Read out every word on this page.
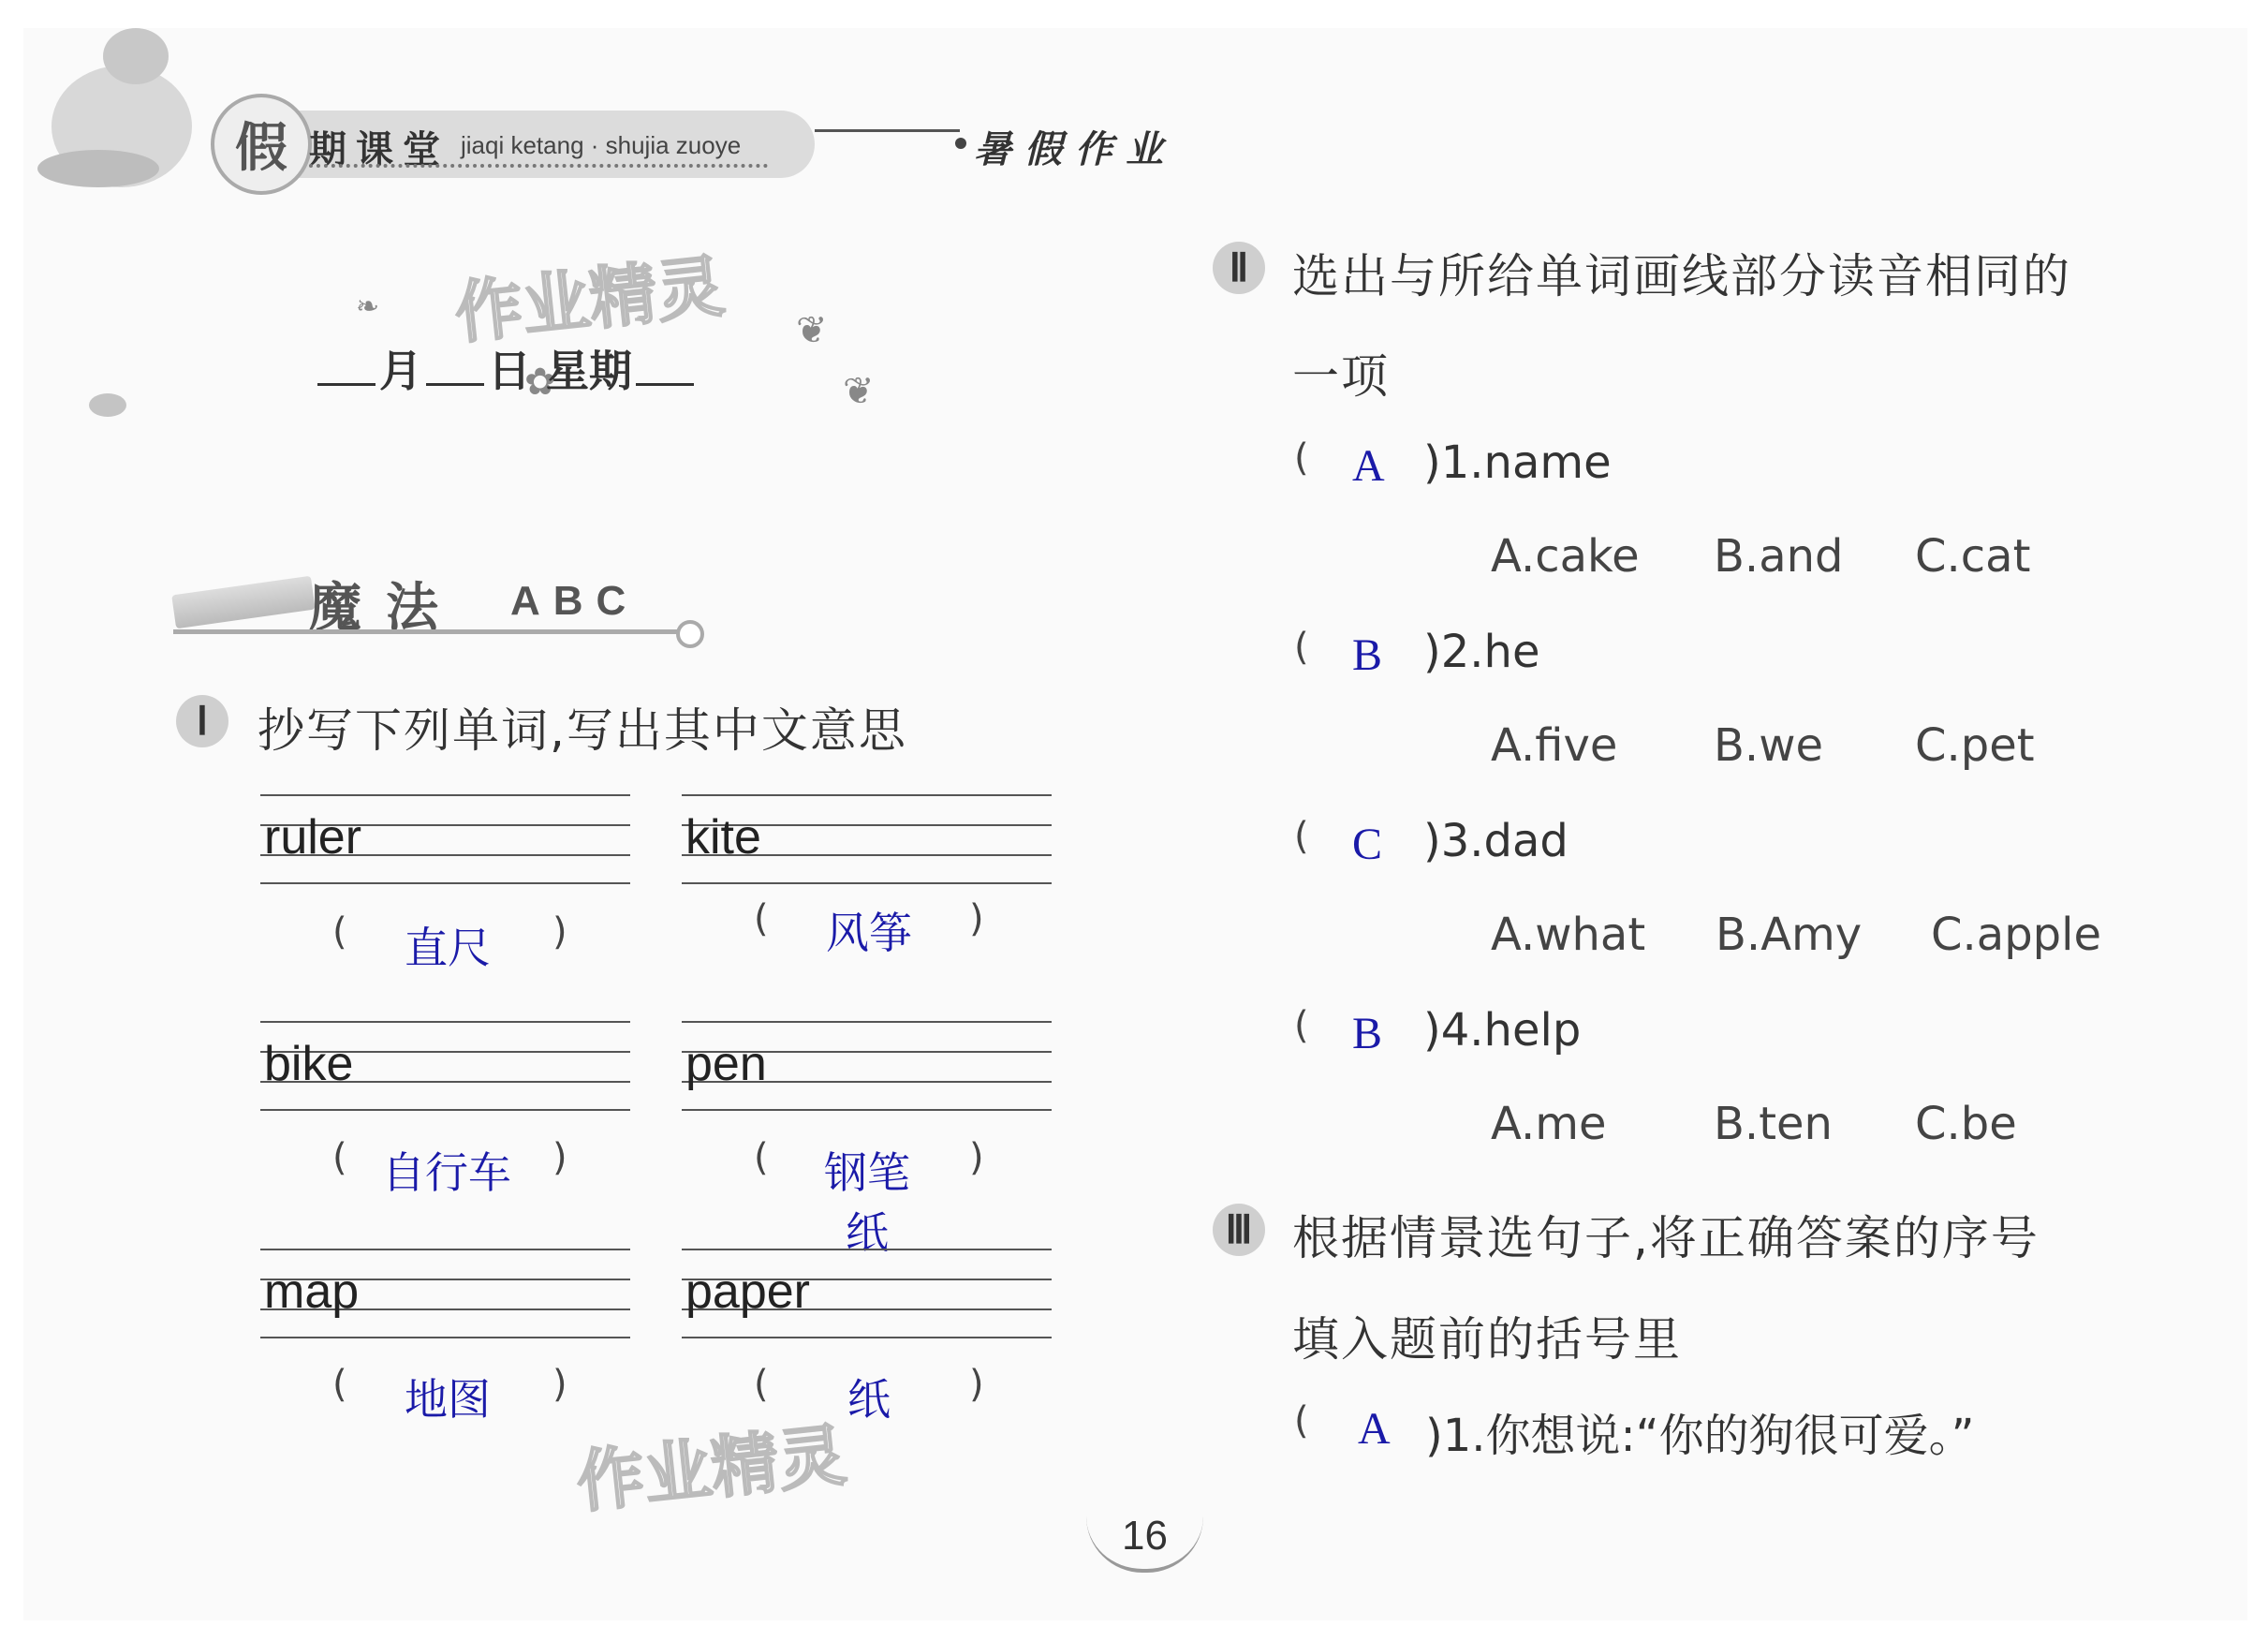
假 期课堂 jiaqi ketang · shujia zuoye	暑假作业
✿
❦
❦
❧ 作业精灵
作业精灵
月 日 星期
魔法 ABC
Ⅰ	抄写下列单词,写出其中文意思
ruler	kite
( 直尺 )	( 风筝 )
bike	pen
( 自行车 )	( 钢笔 )
纸
map	paper
( 地图 )	( 纸 )
Ⅱ 选出与所给单词画线部分读音相同的
一项
( A )1.name
A.cake B.and C.cat
( B )2.he
A.five B.we C.pet
( C )3.dad
A.what B.Amy C.apple
( B )4.help
A.me B.ten C.be
Ⅲ 根据情景选句子,将正确答案的序号
填入题前的括号里
( A )1.你想说:“你的狗很可爱。”
16
